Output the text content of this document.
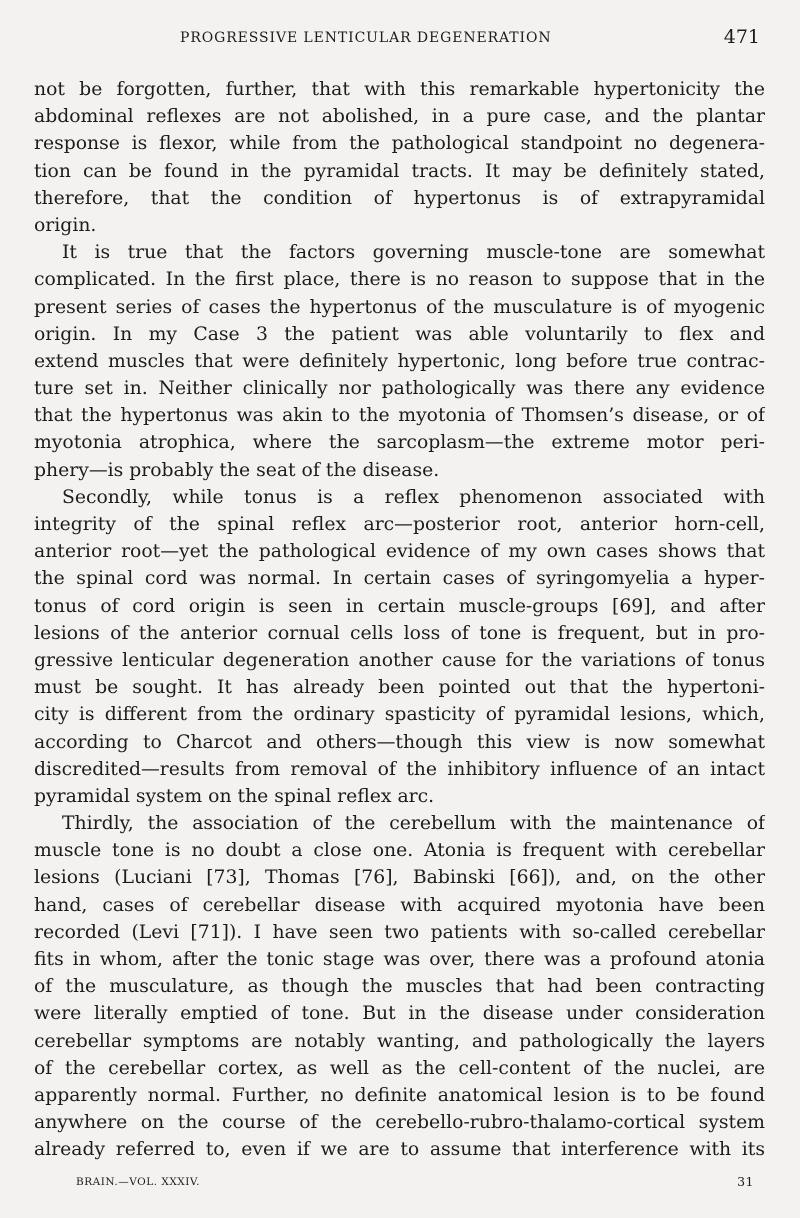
PROGRESSIVE LENTICULAR DEGENERATION	471
not be forgotten, further, that with this remarkable hypertonicity the
abdominal reflexes are not abolished, in a pure case, and the plantar
response is flexor, while from the pathological standpoint no degenera-
tion can be found in the pyramidal tracts. It may be definitely stated,
therefore, that the condition of hypertonus is of extrapyramidal
origin.
It is true that the factors governing muscle-tone are somewhat
complicated. In the first place, there is no reason to suppose that in the
present series of cases the hypertonus of the musculature is of myogenic
origin. In my Case 3 the patient was able voluntarily to flex and
extend muscles that were definitely hypertonic, long before true contrac-
ture set in. Neither clinically nor pathologically was there any evidence
that the hypertonus was akin to the myotonia of Thomsen’s disease, or of
myotonia atrophica, where the sarcoplasm—the extreme motor peri-
phery—is probably the seat of the disease.
Secondly, while tonus is a reflex phenomenon associated with
integrity of the spinal reflex arc—posterior root, anterior horn-cell,
anterior root—yet the pathological evidence of my own cases shows that
the spinal cord was normal. In certain cases of syringomyelia a hyper-
tonus of cord origin is seen in certain muscle-groups [69], and after
lesions of the anterior cornual cells loss of tone is frequent, but in pro-
gressive lenticular degeneration another cause for the variations of tonus
must be sought. It has already been pointed out that the hypertoni-
city is different from the ordinary spasticity of pyramidal lesions, which,
according to Charcot and others—though this view is now somewhat
discredited—results from removal of the inhibitory influence of an intact
pyramidal system on the spinal reflex arc.
Thirdly, the association of the cerebellum with the maintenance of
muscle tone is no doubt a close one. Atonia is frequent with cerebellar
lesions (Luciani [73], Thomas [76], Babinski [66]), and, on the other
hand, cases of cerebellar disease with acquired myotonia have been
recorded (Levi [71]). I have seen two patients with so-called cerebellar
fits in whom, after the tonic stage was over, there was a profound atonia
of the musculature, as though the muscles that had been contracting
were literally emptied of tone. But in the disease under consideration
cerebellar symptoms are notably wanting, and pathologically the layers
of the cerebellar cortex, as well as the cell-content of the nuclei, are
apparently normal. Further, no definite anatomical lesion is to be found
anywhere on the course of the cerebello-rubro-thalamo-cortical system
already referred to, even if we are to assume that interference with its
BRAIN.—VOL. XXXIV.	31
